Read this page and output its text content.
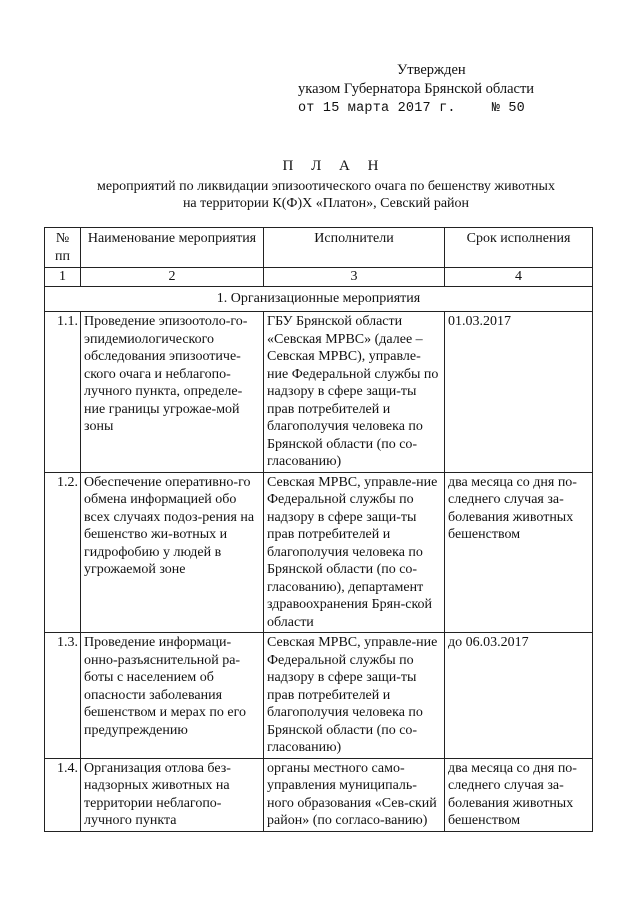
Утвержден
указом Губернатора Брянской области
от 15 марта 2017 г.	№ 50
П Л А Н
мероприятий по ликвидации эпизоотического очага по бешенству животных
на территории К(Ф)Х «Платон», Севский район
№ пп	Наименование мероприятия	Исполнители	Срок исполнения
1	2	3	4
1. Организационные мероприятия			
1.1.	Проведение эпизоотоло-го-эпидемиологического обследования эпизоотиче-ского очага и неблагопо-лучного пункта, определе-ние границы угрожае-мой зоны	ГБУ Брянской области «Севская МРВС» (далее – Севская МРВС), управле-ние Федеральной службы по надзору в сфере защи-ты прав потребителей и благополучия человека по Брянской области (по со-гласованию)	01.03.2017
1.2.	Обеспечение оперативно-го обмена информацией обо всех случаях подоз-рения на бешенство жи-вотных и гидрофобию у людей в угрожаемой зоне	Севская МРВС, управле-ние Федеральной службы по надзору в сфере защи-ты прав потребителей и благополучия человека по Брянской области (по со-гласованию), департамент здравоохранения Брян-ской области	два месяца со дня по-следнего случая за-болевания животных бешенством
1.3.	Проведение информаци-онно-разъяснительной ра-боты с населением об опасности заболевания бешенством и мерах по его предупреждению	Севская МРВС, управле-ние Федеральной службы по надзору в сфере защи-ты прав потребителей и благополучия человека по Брянской области (по со-гласованию)	до 06.03.2017
1.4.	Организация отлова без-надзорных животных на территории неблагопо-лучного пункта	органы местного само-управления муниципаль-ного образования «Сев-ский район» (по согласо-ванию)	два месяца со дня по-следнего случая за-болевания животных бешенством
